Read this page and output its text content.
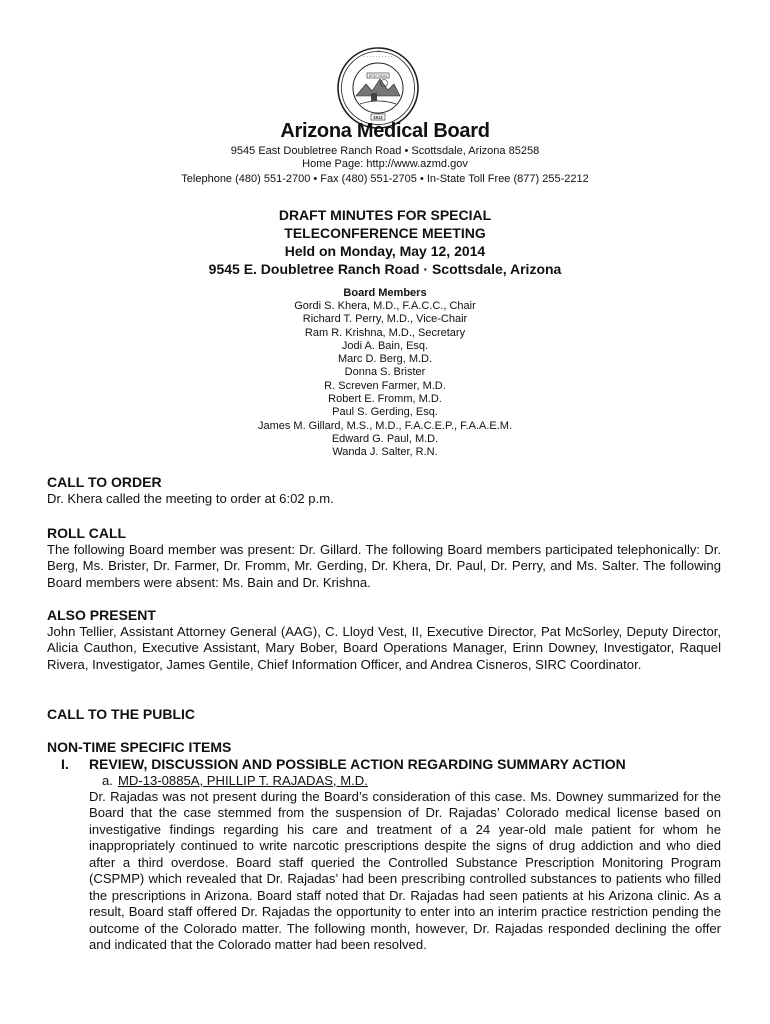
· · · · · · · · · ·
DITAT DEUS
1912
Arizona Medical Board
9545 East Doubletree Ranch Road • Scottsdale, Arizona 85258
Home Page: http://www.azmd.gov
Telephone (480) 551-2700 • Fax (480) 551-2705 • In-State Toll Free (877) 255-2212
DRAFT MINUTES FOR SPECIAL
TELECONFERENCE MEETING
Held on Monday, May 12, 2014
9545 E. Doubletree Ranch Road · Scottsdale, Arizona
Board Members
Gordi S. Khera, M.D., F.A.C.C., Chair
Richard T. Perry, M.D., Vice-Chair
Ram R. Krishna, M.D., Secretary
Jodi A. Bain, Esq.
Marc D. Berg, M.D.
Donna S. Brister
R. Screven Farmer, M.D.
Robert E. Fromm, M.D.
Paul S. Gerding, Esq.
James M. Gillard, M.S., M.D., F.A.C.E.P., F.A.A.E.M.
Edward G. Paul, M.D.
Wanda J. Salter, R.N.
CALL TO ORDER

Dr. Khera called the meeting to order at 6:02 p.m.

ROLL CALL

The following Board member was present: Dr. Gillard. The following Board members participated telephonically: Dr. Berg, Ms. Brister, Dr. Farmer, Dr. Fromm, Mr. Gerding, Dr. Khera, Dr. Paul, Dr. Perry, and Ms. Salter. The following Board members were absent: Ms. Bain and Dr. Krishna.

ALSO PRESENT

John Tellier, Assistant Attorney General (AAG), C. Lloyd Vest, II, Executive Director, Pat McSorley, Deputy Director, Alicia Cauthon, Executive Assistant, Mary Bober, Board Operations Manager, Erinn Downey, Investigator, Raquel Rivera, Investigator, James Gentile, Chief Information Officer, and Andrea Cisneros, SIRC Coordinator.

CALL TO THE PUBLIC
NON-TIME SPECIFIC ITEMS
I. REVIEW, DISCUSSION AND POSSIBLE ACTION REGARDING SUMMARY ACTION
a. MD-13-0885A, PHILLIP T. RAJADAS, M.D.

Dr. Rajadas was not present during the Board’s consideration of this case. Ms. Downey summarized for the Board that the case stemmed from the suspension of Dr. Rajadas’ Colorado medical license based on investigative findings regarding his care and treatment of a 24 year-old male patient for whom he inappropriately continued to write narcotic prescriptions despite the signs of drug addiction and who died after a third overdose. Board staff queried the Controlled Substance Prescription Monitoring Program (CSPMP) which revealed that Dr. Rajadas’ had been prescribing controlled substances to patients who filled the prescriptions in Arizona. Board staff noted that Dr. Rajadas had seen patients at his Arizona clinic. As a result, Board staff offered Dr. Rajadas the opportunity to enter into an interim practice restriction pending the outcome of the Colorado matter. The following month, however, Dr. Rajadas responded declining the offer and indicated that the Colorado matter had been resolved.
